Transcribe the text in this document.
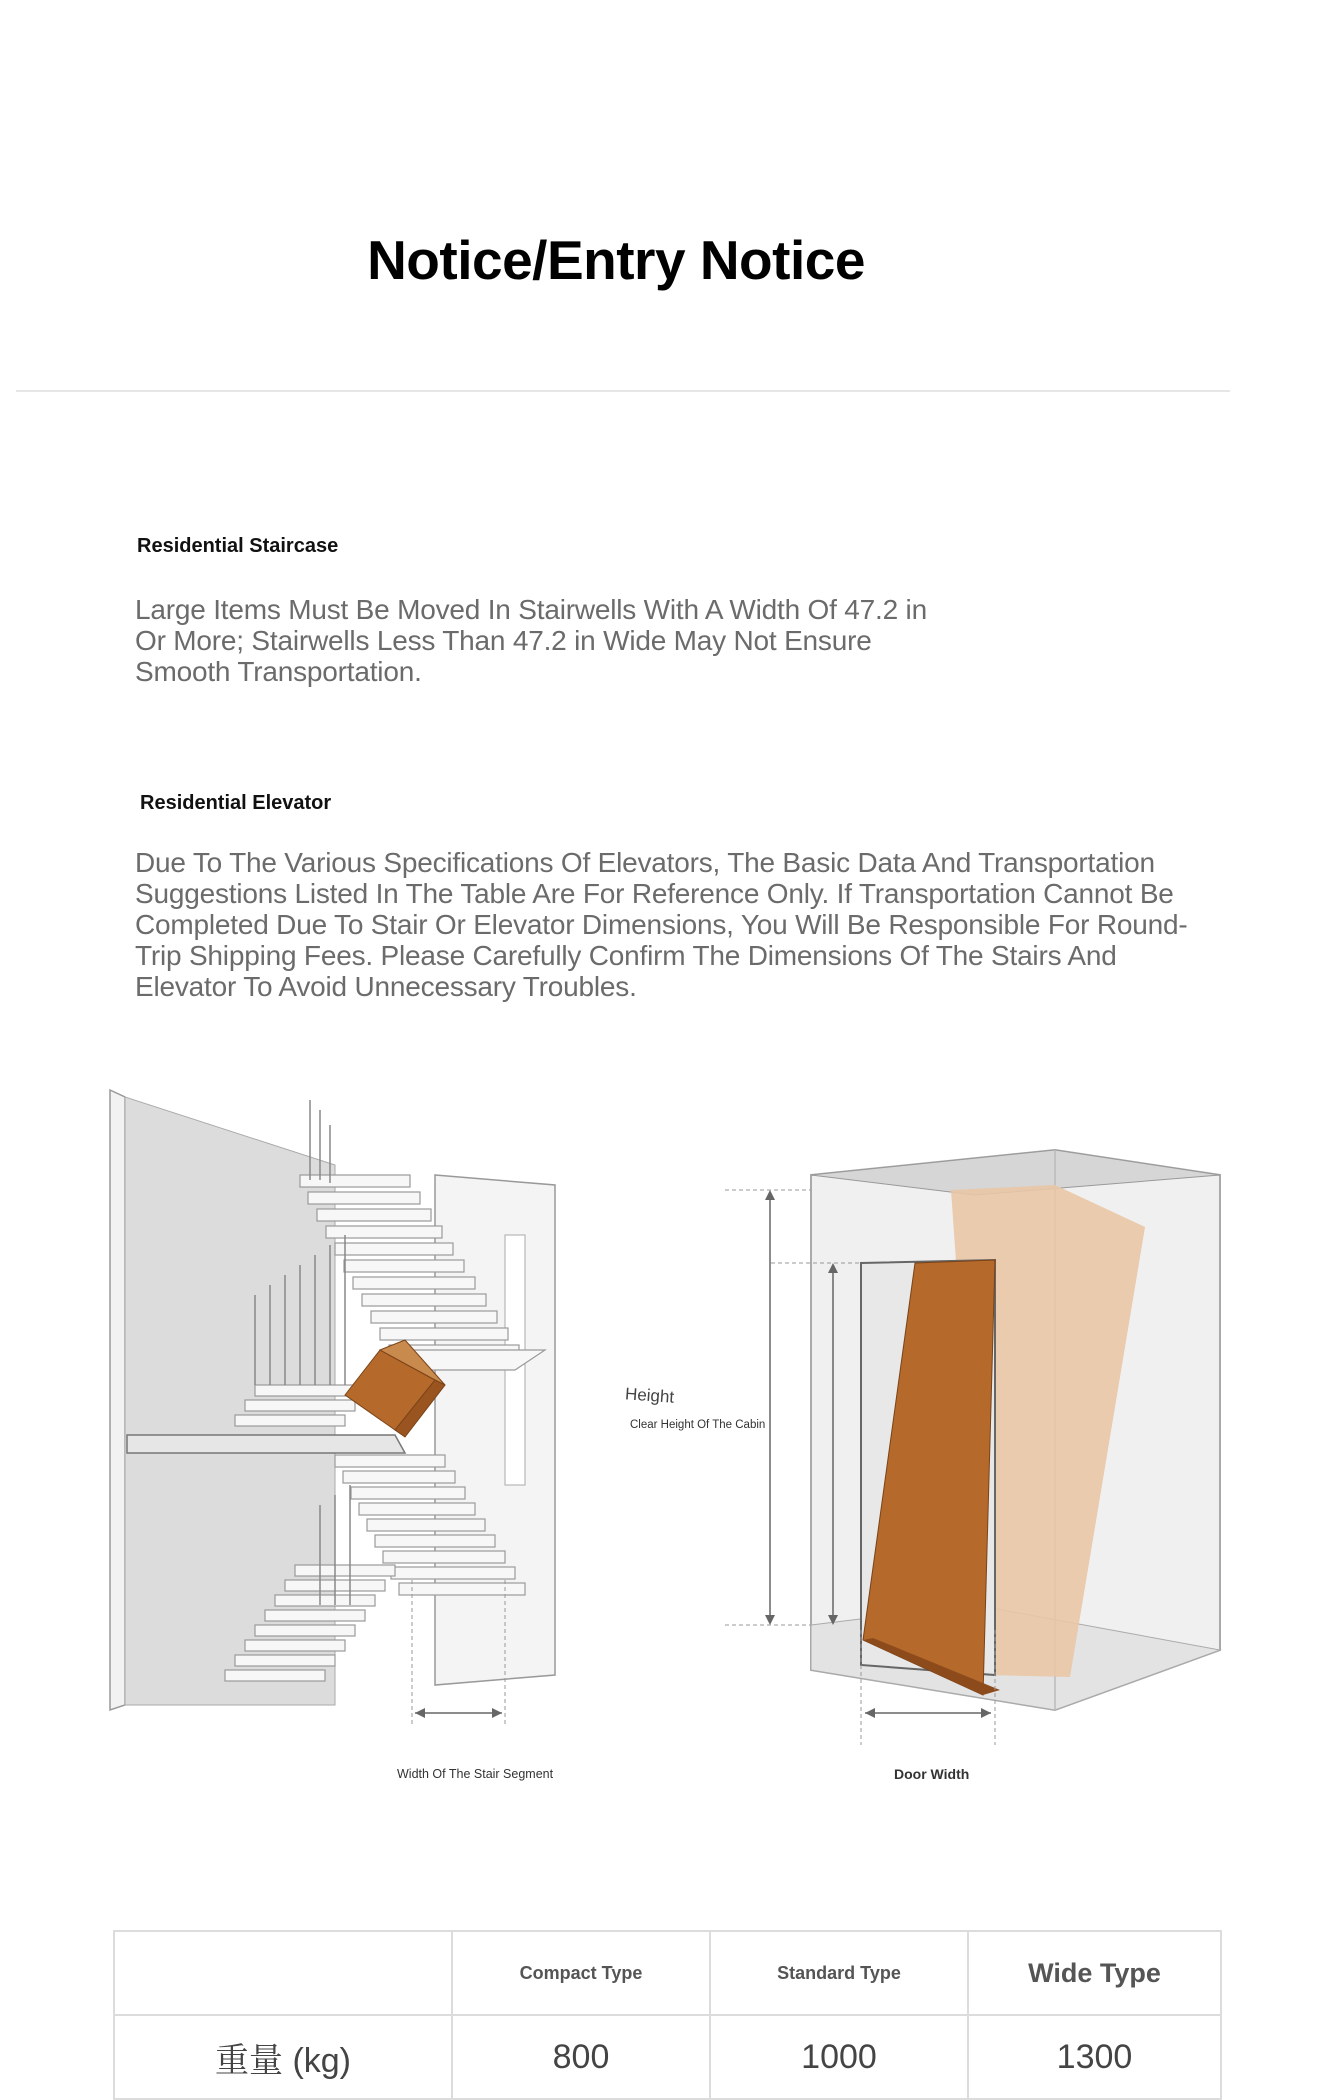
Notice/Entry Notice
Residential Staircase
Large Items Must Be Moved In Stairwells With A Width Of 47.2 in Or More; Stairwells Less Than 47.2 in Wide May Not Ensure Smooth Transportation.
Residential Elevator
Due To The Various Specifications Of Elevators, The Basic Data And Transportation Suggestions Listed In The Table Are For Reference Only. If Transportation Cannot Be Completed Due To Stair Or Elevator Dimensions, You Will Be Responsible For Round-Trip Shipping Fees. Please Carefully Confirm The Dimensions Of The Stairs And Elevator To Avoid Unnecessary Troubles.
Height
Clear Height Of The Cabin
Width Of The Stair Segment	Door Width
	Compact Type	Standard Type	Wide Type
重量 (kg)	800	1000	1300
